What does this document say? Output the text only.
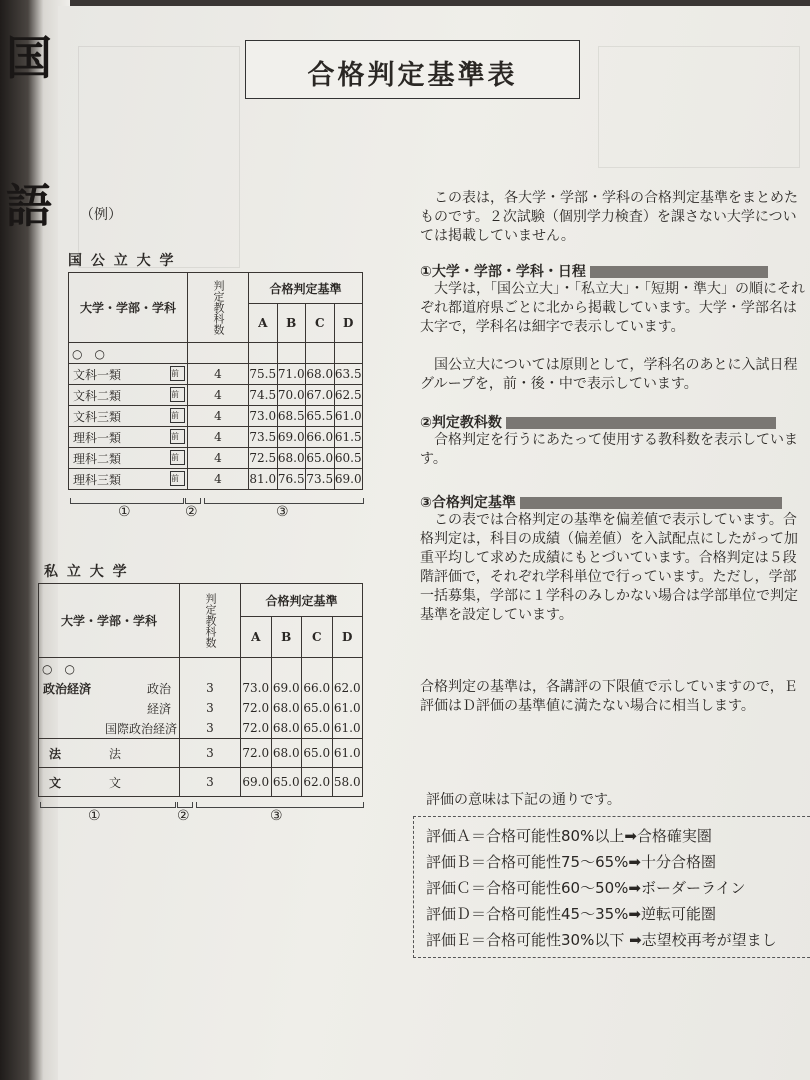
国
語
合格判定基準表
（例）
国 公 立 大 学
大学・学部・学科	判定教科数	合格判定基準			
		A	B	C	D
○　○					
文科一類 前	4	75.5	71.0	68.0	63.5
文科二類 前	4	74.5	70.0	67.0	62.5
文科三類 前	4	73.0	68.5	65.5	61.0
理科一類 前	4	73.5	69.0	66.0	61.5
理科二類 前	4	72.5	68.0	65.0	60.5
理科三類 前	4	81.0	76.5	73.5	69.0
①	②	③
私 立 大 学
大学・学部・学科	判定教科数	合格判定基準			
		A	B	C	D
○　○					
政治経済 政治	3	73.0	69.0	66.0	62.0

経済	3	72.0	68.0	65.0	61.0

国際政治経済	3	72.0	68.0	65.0	61.0
法 法	3	72.0	68.0	65.0	61.0
文 文	3	69.0	65.0	62.0	58.0
①	②	③
この表は，各大学・学部・学科の合格判定基準をまとめたものです。２次試験（個別学力検査）を課さない大学については掲載していません。
①大学・学部・学科・日程
大学は，「国公立大」・「私立大」・「短期・準大」の順にそれぞれ都道府県ごとに北から掲載しています。大学・学部名は太字で，学科名は細字で表示しています。
国公立大については原則として，学科名のあとに入試日程グループを，前・後・中で表示しています。
②判定教科数
合格判定を行うにあたって使用する教科数を表示しています。
③合格判定基準
この表では合格判定の基準を偏差値で表示しています。合格判定は，科目の成績（偏差値）を入試配点にしたがって加重平均して求めた成績にもとづいています。合格判定は５段階評価で，それぞれ学科単位で行っています。ただし，学部一括募集，学部に１学科のみしかない場合は学部単位で判定基準を設定しています。
合格判定の基準は，各講評の下限値で示していますので，Ｅ評価はＤ評価の基準値に満たない場合に相当します。
評価の意味は下記の通りです。
評価Ａ＝合格可能性80%以上➡合格確実圏
評価Ｂ＝合格可能性75〜65%➡十分合格圏
評価Ｃ＝合格可能性60〜50%➡ボーダーライン
評価Ｄ＝合格可能性45〜35%➡逆転可能圏
評価Ｅ＝合格可能性30%以下 ➡志望校再考が望まし
